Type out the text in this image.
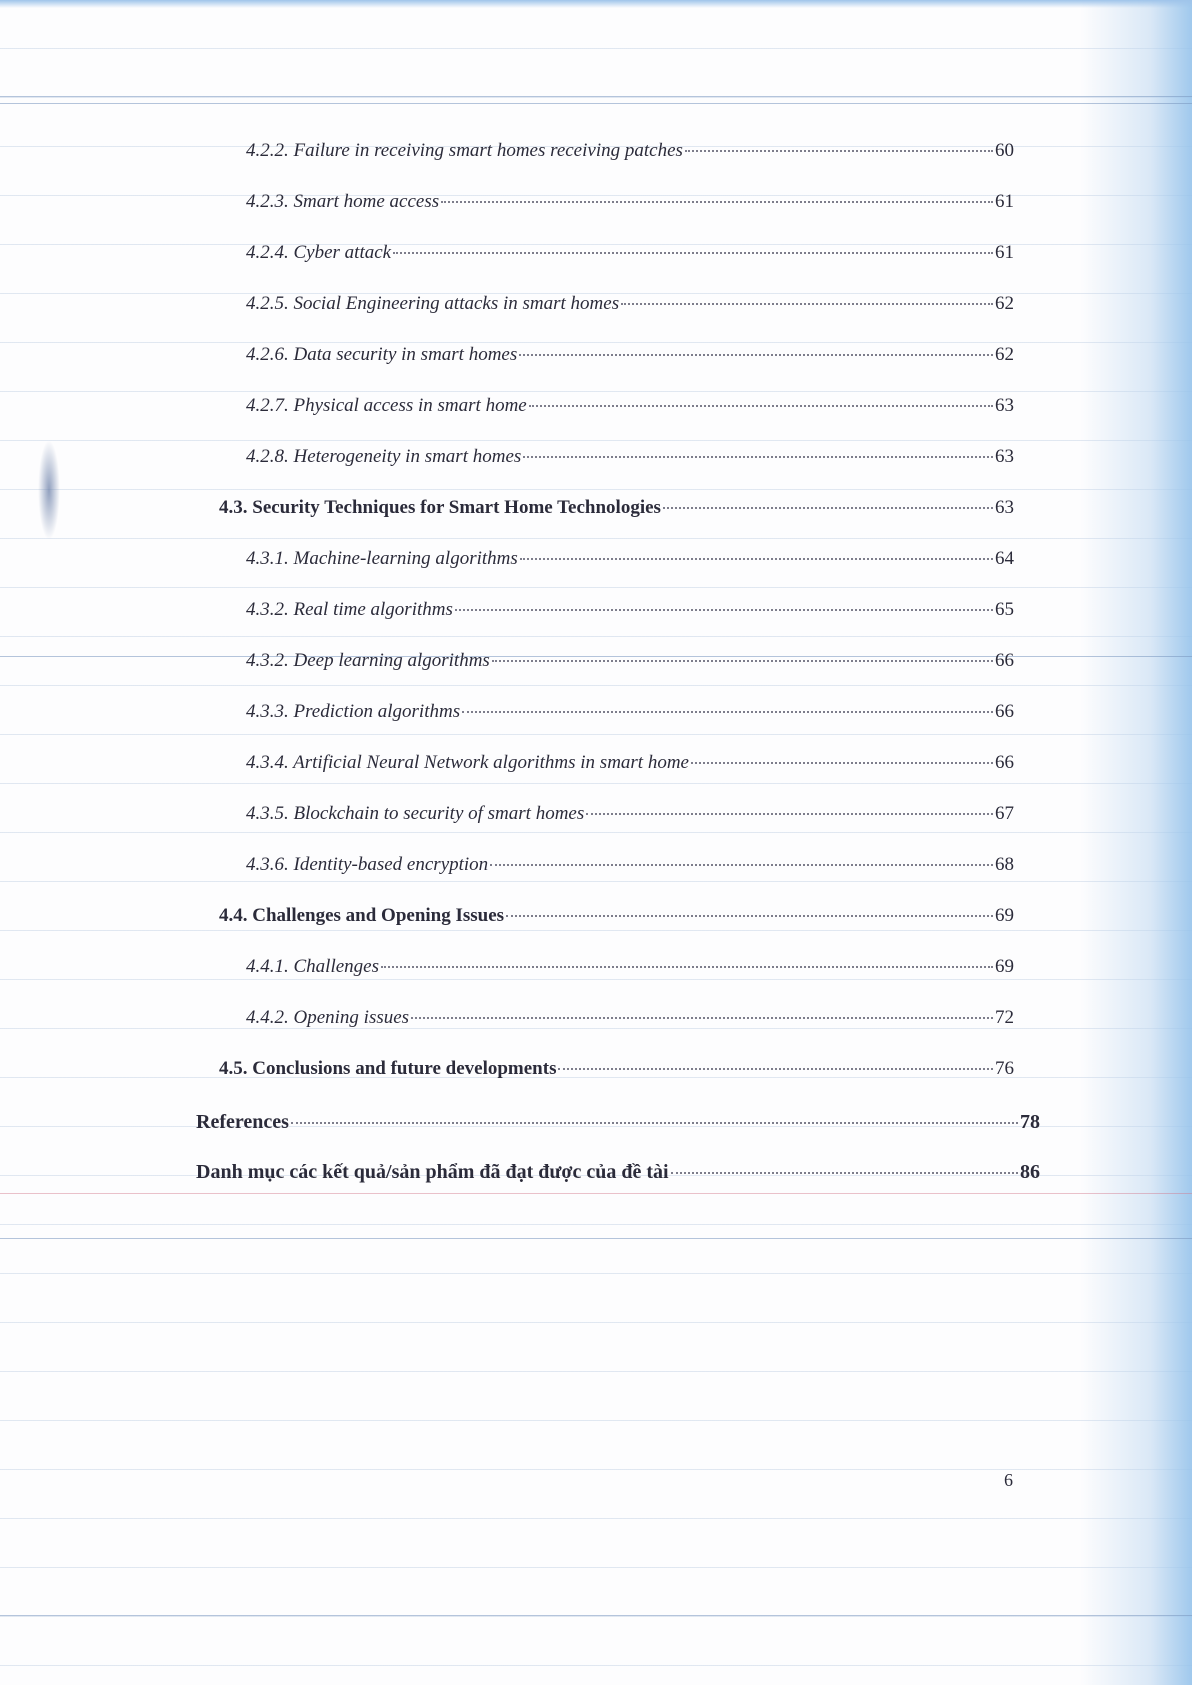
4.2.2. Failure in receiving smart homes receiving patches	60
4.2.3. Smart home access	61
4.2.4. Cyber attack	61
4.2.5. Social Engineering attacks in smart homes	62
4.2.6. Data security in smart homes	62
4.2.7. Physical access in smart home	63
4.2.8. Heterogeneity in smart homes	63
4.3. Security Techniques for Smart Home Technologies	63
4.3.1. Machine-learning algorithms	64
4.3.2. Real time algorithms	65
4.3.2. Deep learning algorithms	66
4.3.3. Prediction algorithms	66
4.3.4. Artificial Neural Network algorithms in smart home	66
4.3.5. Blockchain to security of smart homes	67
4.3.6. Identity-based encryption	68
4.4. Challenges and Opening Issues	69
4.4.1. Challenges	69
4.4.2. Opening issues	72
4.5. Conclusions and future developments	76
References	78
Danh mục các kết quả/sản phẩm đã đạt được của đề tài	86
6
